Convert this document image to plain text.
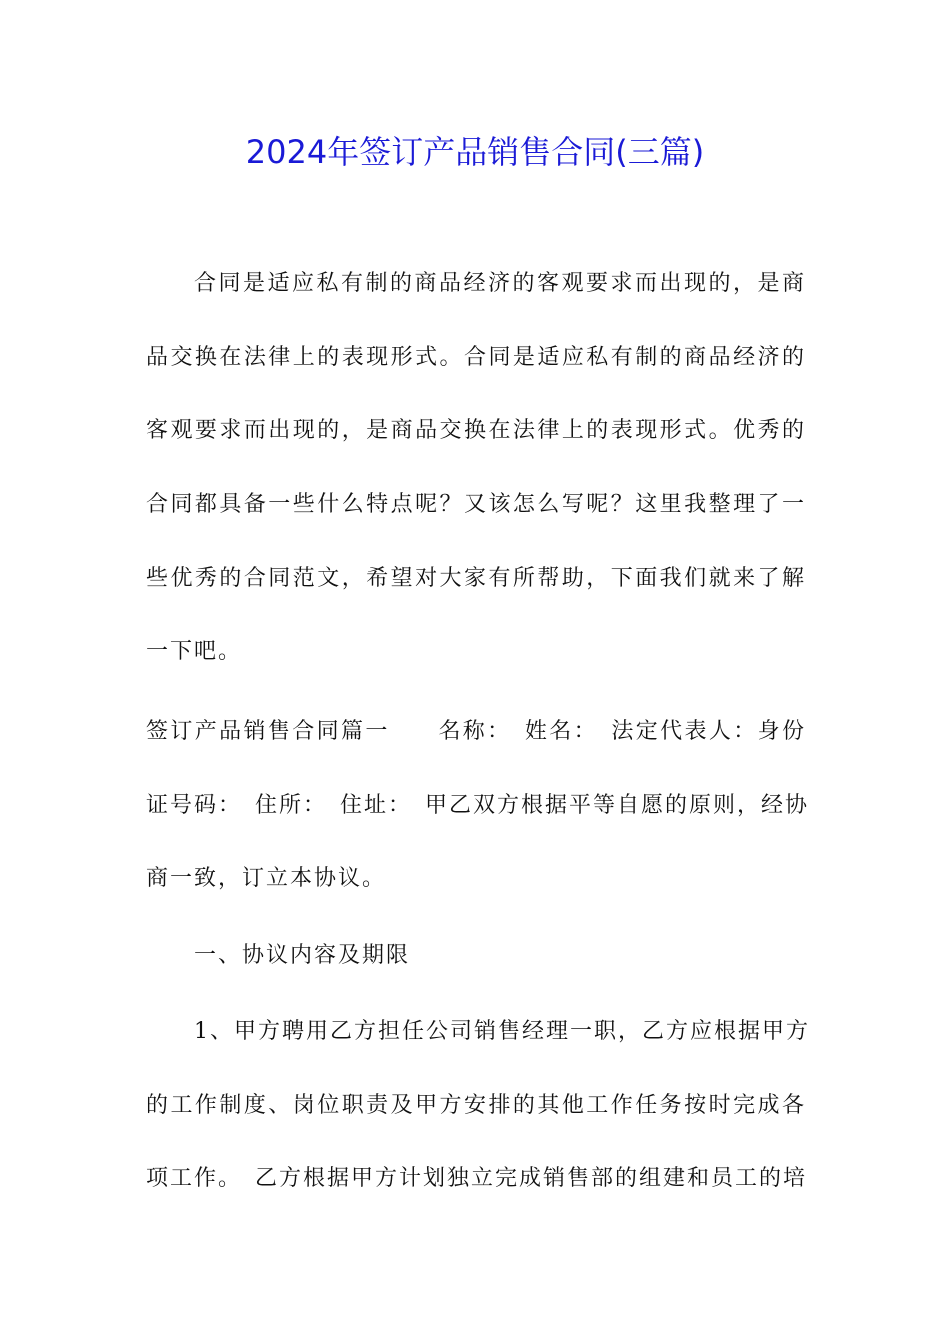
2024年签订产品销售合同(三篇)
合同是适应私有制的商品经济的客观要求而出现的，是商
品交换在法律上的表现形式。合同是适应私有制的商品经济的
客观要求而出现的，是商品交换在法律上的表现形式。优秀的
合同都具备一些什么特点呢？又该怎么写呢？这里我整理了一
些优秀的合同范文，希望对大家有所帮助，下面我们就来了解
一下吧。
签订产品销售合同篇一　　名称：　姓名：　法定代表人：身份
证号码：　住所：　住址：　甲乙双方根据平等自愿的原则，经协
商一致，订立本协议。
一、协议内容及期限
1、甲方聘用乙方担任公司销售经理一职，乙方应根据甲方
的工作制度、岗位职责及甲方安排的其他工作任务按时完成各
项工作。　乙方根据甲方计划独立完成销售部的组建和员工的培
